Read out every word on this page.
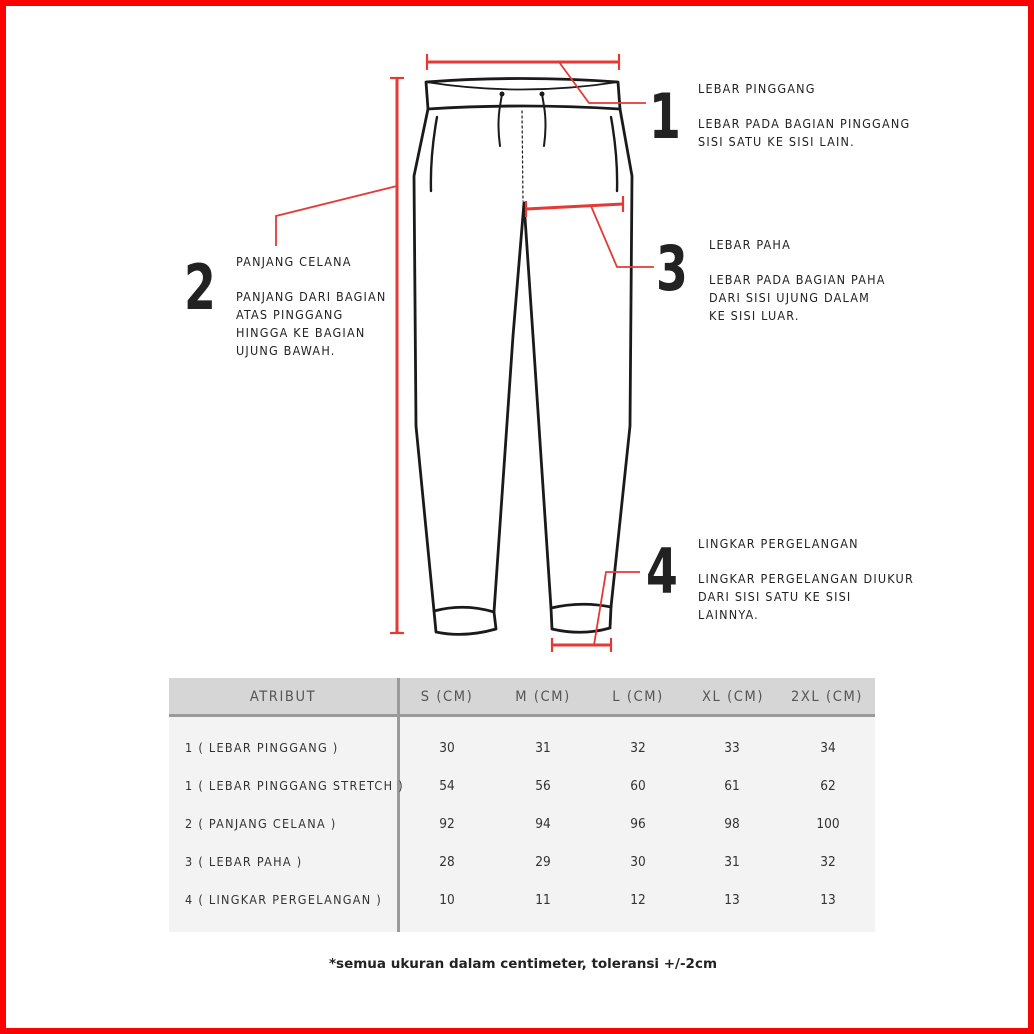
1 LEBAR PINGGANG
LEBAR PADA BAGIAN PINGGANG
SISI SATU KE SISI LAIN.
2 PANJANG CELANA
PANJANG DARI BAGIAN
ATAS PINGGANG
HINGGA KE BAGIAN
UJUNG BAWAH.
3 LEBAR PAHA
LEBAR PADA BAGIAN PAHA
DARI SISI UJUNG DALAM
KE SISI LUAR.
4 LINGKAR PERGELANGAN
LINGKAR PERGELANGAN DIUKUR
DARI SISI SATU KE SISI
LAINNYA.
ATRIBUT	S (CM)	M (CM)	L (CM)	XL (CM)	2XL (CM)
1 ( LEBAR PINGGANG )	30	31	32	33	34
1 ( LEBAR PINGGANG STRETCH )	54	56	60	61	62
2 ( PANJANG CELANA )	92	94	96	98	100
3 ( LEBAR PAHA )	28	29	30	31	32
4 ( LINGKAR PERGELANGAN )	10	11	12	13	13
*semua ukuran dalam centimeter, toleransi +/-2cm
